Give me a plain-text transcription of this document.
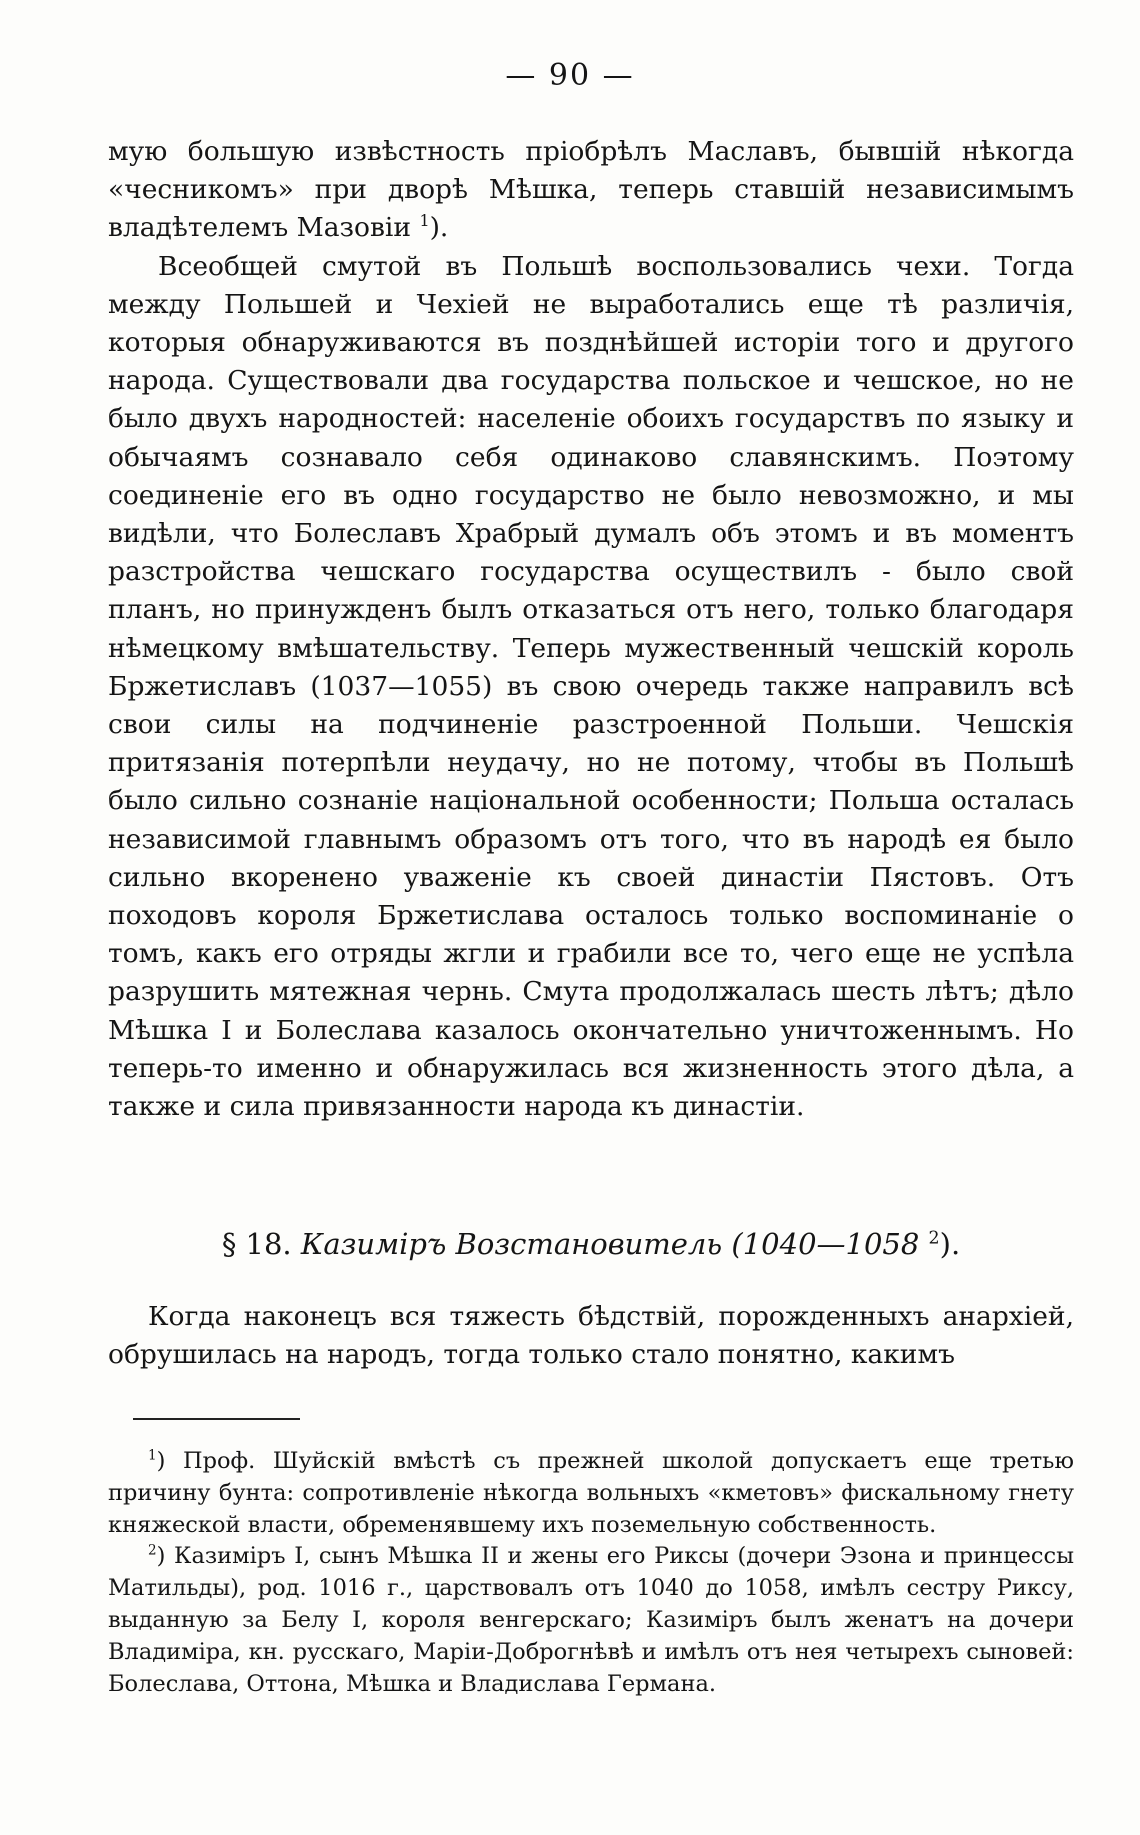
— 90 —

мую большую извѣстность пріобрѣлъ Маславъ, бывшій нѣкогда «чесникомъ» при дворѣ Мѣшка, теперь ставшій независимымъ владѣтелемъ Мазовіи $^1$).

Всеобщей смутой въ Польшѣ воспользовались чехи. Тогда между Польшей и Чехіей не выработались еще тѣ различія, которыя обнаруживаются въ позднѣйшей исторіи того и другого народа. Существовали два государства польское и чешское, но не было двухъ народностей: населеніе обоихъ государствъ по языку и обычаямъ сознавало себя одинаково славянскимъ. Поэтому соединеніе его въ одно государство не было невозможно, и мы видѣли, что Болеславъ Храбрый думалъ объ этомъ и въ моментъ разстройства чешскаго государства осуществилъ - было свой планъ, но принужденъ былъ отказаться отъ него, только благодаря нѣмецкому вмѣшательству. Теперь мужественный чешскій король Бржетиславъ (1037—1055) въ свою очередь также направилъ всѣ свои силы на подчиненіе разстроенной Польши. Чешскія притязанія потерпѣли неудачу, но не потому, чтобы въ Польшѣ было сильно сознаніе національной особенности; Польша осталась независимой главнымъ образомъ отъ того, что въ народѣ ея было сильно вкоренено уваженіе къ своей династіи Пястовъ. Отъ походовъ короля Бржетислава осталось только воспоминаніе о томъ, какъ его отряды жгли и грабили все то, чего еще не успѣла разрушить мятежная чернь. Смута продолжалась шесть лѣтъ; дѣло Мѣшка I и Болеслава казалось окончательно уничтоженнымъ. Но теперь-то именно и обнаружилась вся жизненность этого дѣла, а также и сила привязанности народа къ династіи.

§ 18. Казиміръ Возстановитель (1040—1058 $^2$).

Когда наконецъ вся тяжесть бѣдствій, порожденныхъ анархіей, обрушилась на народъ, тогда только стало понятно, какимъ

$^1$) Проф. Шуйскій вмѣстѣ съ прежней школой допускаетъ еще третью причину бунта: сопротивленіе нѣкогда вольныхъ «кметовъ» фискальному гнету княжеской власти, обременявшему ихъ поземельную собственность.

$^2$) Казиміръ I, сынъ Мѣшка II и жены его Риксы (дочери Эзона и принцессы Матильды), род. 1016 г., царствовалъ отъ 1040 до 1058, имѣлъ сестру Риксу, выданную за Белу I, короля венгерскаго; Казиміръ былъ женатъ на дочери Владиміра, кн. русскаго, Маріи-Доброгнѣвѣ и имѣлъ отъ нея четырехъ сыновей: Болеслава, Оттона, Мѣшка и Владислава Германа.
